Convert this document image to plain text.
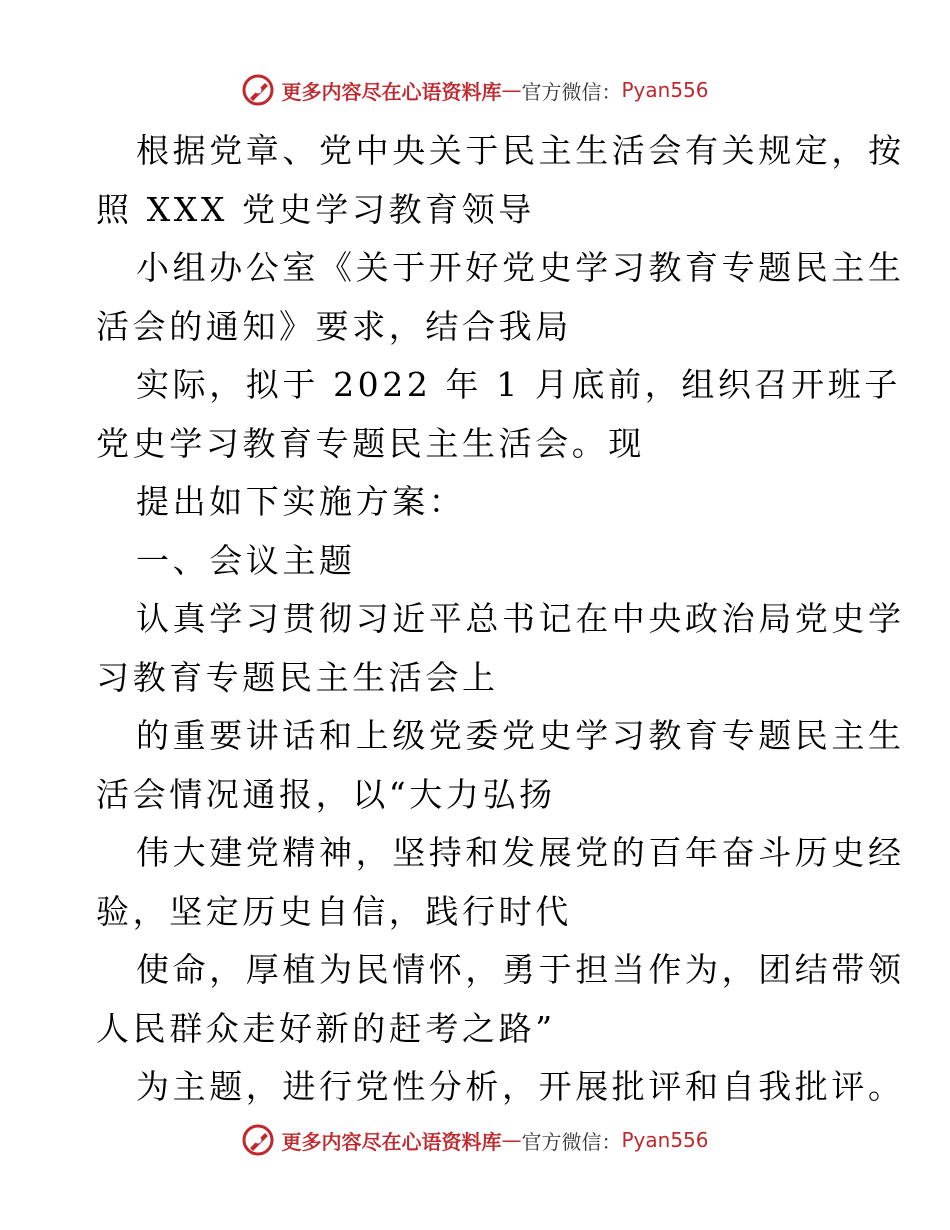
更多内容尽在心语资料库 — 官方微信： Pyan556
根据党章、党中央关于民主生活会有关规定，按
照 XXX 党史学习教育领导
小组办公室《关于开好党史学习教育专题民主生
活会的通知》要求，结合我局
实际，拟于 2022 年 1 月底前，组织召开班子
党史学习教育专题民主生活会。现
提出如下实施方案：
一、会议主题
认真学习贯彻习近平总书记在中央政治局党史学
习教育专题民主生活会上
的重要讲话和上级党委党史学习教育专题民主生
活会情况通报，以“大力弘扬
伟大建党精神，坚持和发展党的百年奋斗历史经
验，坚定历史自信，践行时代
使命，厚植为民情怀，勇于担当作为，团结带领
人民群众走好新的赶考之路”
为主题，进行党性分析，开展批评和自我批评。
更多内容尽在心语资料库 — 官方微信： Pyan556
